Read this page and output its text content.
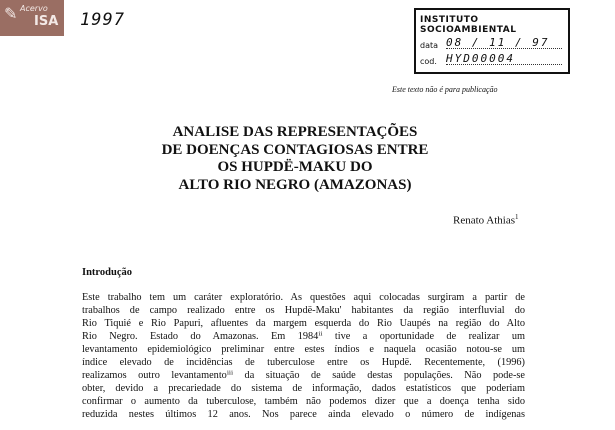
✎ Acervo
ISA 1997	INSTITUTO SOCIOAMBIENTAL
data 08 / 11 / 97
cod. HYD00004
Este texto não é para publicação
ANALISE DAS REPRESENTAÇÕES
DE DOENÇAS CONTAGIOSAS ENTRE
OS HUPDË-MAKU DO
ALTO RIO NEGRO (AMAZONAS)
Renato Athias$^1$
Introdução
Este trabalho tem um caráter exploratório. As questões aqui colocadas surgiram a partir de
trabalhos de campo realizado entre os Hupdë-Maku' habitantes da região interfluvial do
Rio Tiquié e Rio Papuri, afluentes da margem esquerda do Rio Uaupés na região do Alto
Rio Negro. Estado do Amazonas. Em 1984ⁱⁱ tive a oportunidade de realizar um
levantamento epidemiológico preliminar entre estes índios e naquela ocasião notou-se um
índice elevado de incidências de tuberculose entre os Hupdë. Recentemente, (1996)
realizamos outro levantamentoⁱⁱⁱ da situação de saúde destas populações. Não pode-se
obter, devido a precariedade do sistema de informação, dados estatísticos que poderiam
confirmar o aumento da tuberculose, também não podemos dizer que a doença tenha sido
reduzida nestes últimos 12 anos. Nos parece ainda elevado o número de indígenas
